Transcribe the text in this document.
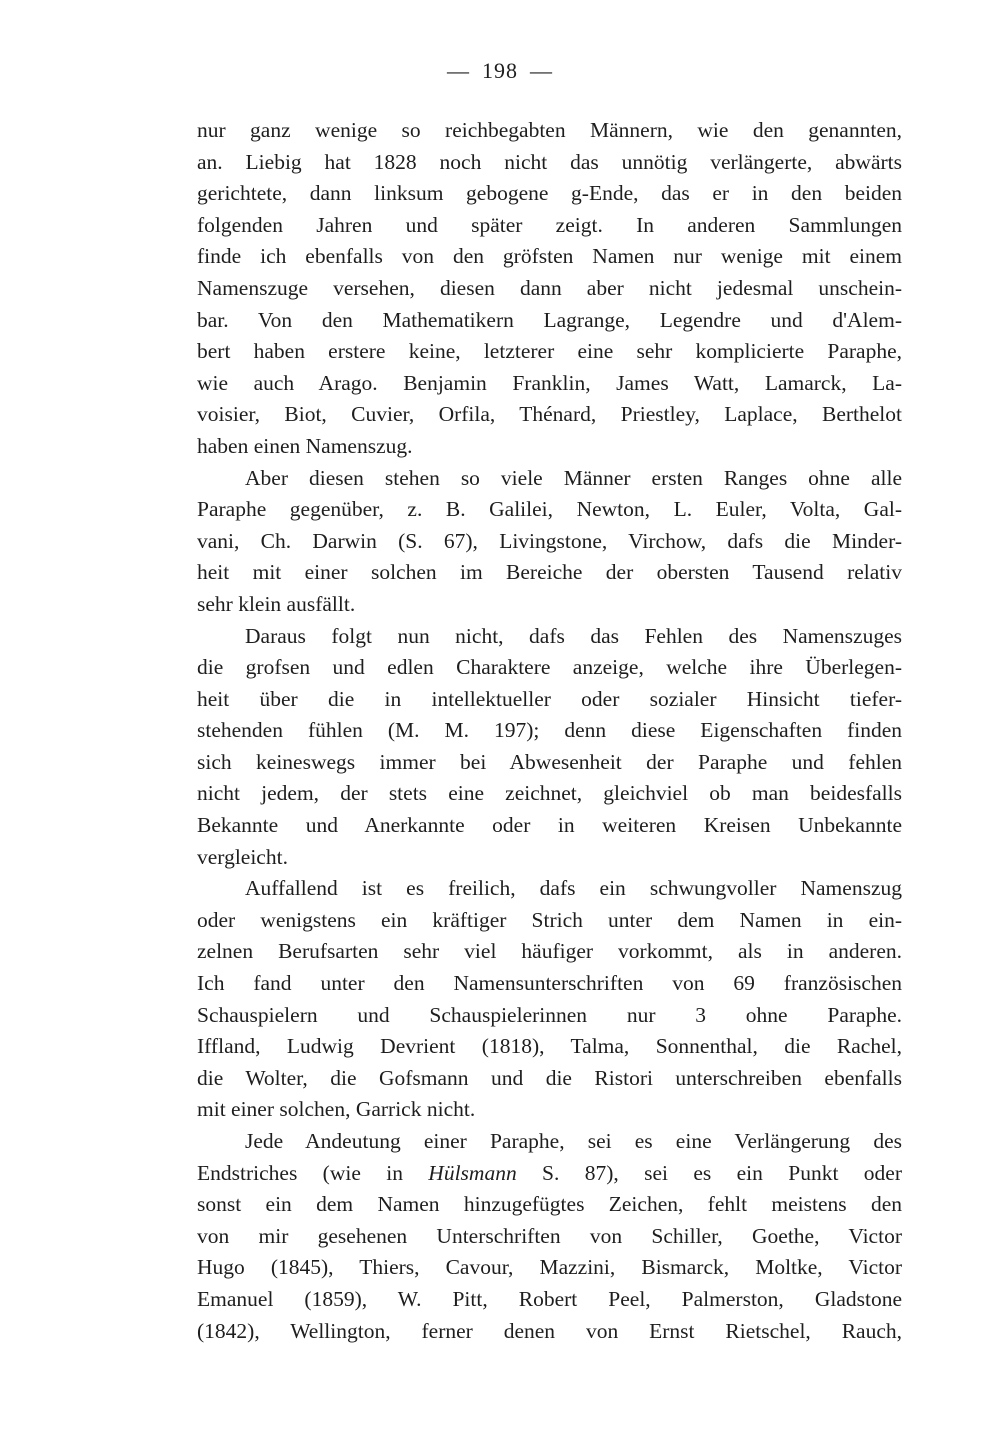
— 198 —
nur ganz wenige so reichbegabten Männern, wie den genannten,
an. Liebig hat 1828 noch nicht das unnötig verlängerte, abwärts
gerichtete, dann linksum gebogene g-Ende, das er in den beiden
folgenden Jahren und später zeigt. In anderen Sammlungen
finde ich ebenfalls von den gröfsten Namen nur wenige mit einem
Namenszuge versehen, diesen dann aber nicht jedesmal unschein-
bar. Von den Mathematikern Lagrange, Legendre und d'Alem-
bert haben erstere keine, letzterer eine sehr komplicierte Paraphe,
wie auch Arago. Benjamin Franklin, James Watt, Lamarck, La-
voisier, Biot, Cuvier, Orfila, Thénard, Priestley, Laplace, Berthelot
haben einen Namenszug.
Aber diesen stehen so viele Männer ersten Ranges ohne alle
Paraphe gegenüber, z. B. Galilei, Newton, L. Euler, Volta, Gal-
vani, Ch. Darwin (S. 67), Livingstone, Virchow, dafs die Minder-
heit mit einer solchen im Bereiche der obersten Tausend relativ
sehr klein ausfällt.
Daraus folgt nun nicht, dafs das Fehlen des Namenszuges
die grofsen und edlen Charaktere anzeige, welche ihre Überlegen-
heit über die in intellektueller oder sozialer Hinsicht tiefer-
stehenden fühlen (M. M. 197); denn diese Eigenschaften finden
sich keineswegs immer bei Abwesenheit der Paraphe und fehlen
nicht jedem, der stets eine zeichnet, gleichviel ob man beidesfalls
Bekannte und Anerkannte oder in weiteren Kreisen Unbekannte
vergleicht.
Auffallend ist es freilich, dafs ein schwungvoller Namenszug
oder wenigstens ein kräftiger Strich unter dem Namen in ein-
zelnen Berufsarten sehr viel häufiger vorkommt, als in anderen.
Ich fand unter den Namensunterschriften von 69 französischen
Schauspielern und Schauspielerinnen nur 3 ohne Paraphe.
Iffland, Ludwig Devrient (1818), Talma, Sonnenthal, die Rachel,
die Wolter, die Gofsmann und die Ristori unterschreiben ebenfalls
mit einer solchen, Garrick nicht.
Jede Andeutung einer Paraphe, sei es eine Verlängerung des
Endstriches (wie in Hülsmann S. 87), sei es ein Punkt oder
sonst ein dem Namen hinzugefügtes Zeichen, fehlt meistens den
von mir gesehenen Unterschriften von Schiller, Goethe, Victor
Hugo (1845), Thiers, Cavour, Mazzini, Bismarck, Moltke, Victor
Emanuel (1859), W. Pitt, Robert Peel, Palmerston, Gladstone
(1842), Wellington, ferner denen von Ernst Rietschel, Rauch,
